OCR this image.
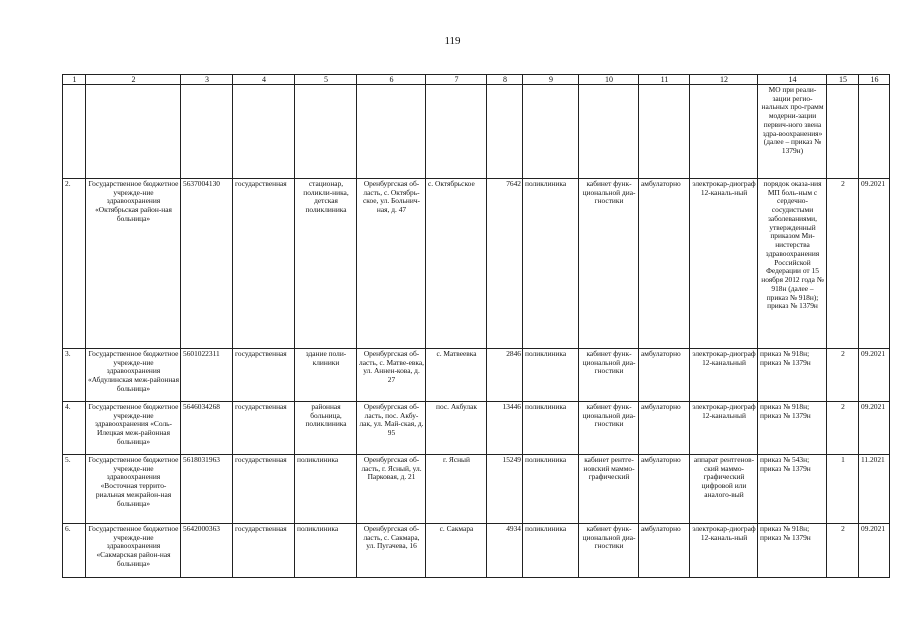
119
1	2	3	4	5	6	7	8	9	10	11	12	14	15	16
												МО при реали-зации регио-нальных про-грамм модерни-зации первич-ного звена здра-воохранения» (далее – приказ № 1379н)		
2.	Государственное бюджетное учрежде-ние здравоохранения «Октябрьская район-ная больница»	5637004130	государственная	стационар, поликли-ника, детская поликлиника	Оренбургская об-ласть, с. Октябрь-ское, ул. Больнич-ная, д. 47	с. Октябрьское	7642	поликлиника	кабинет функ-циональной диа-гностики	амбулаторно	электрокар-диограф 12-каналь-ный	порядок оказа-ния МП боль-ным с сердечно-сосудистыми заболеваниями, утвержденный приказом Ми-нистерства здравоохранения Российской Федерации от 15 ноября 2012 года № 918н (далее – приказ № 918н); приказ № 1379н	2	09.2021
3.	Государственное бюджетное учрежде-ние здравоохранения «Абдулинская меж-районная больница»	5601022311	государственная	здание поли-клиники	Оренбургская об-ласть, с. Матве-евка, ул. Аннен-кова, д. 27	с. Матвеевка	2846	поликлиника	кабинет функ-циональной диа-гностики	амбулаторно	электрокар-диограф 12-канальный	приказ № 918н; приказ № 1379н	2	09.2021
4.	Государственное бюджетное учрежде-ние здравоохранения «Соль-Илецкая меж-районная больница»	5646034268	государственная	районная больница, поликлиника	Оренбургская об-ласть, пос. Акбу-лак, ул. Май-ская, д. 95	пос. Акбулак	13446	поликлиника	кабинет функ-циональной диа-гностики	амбулаторно	электрокар-диограф 12-канальный	приказ № 918н; приказ № 1379н	2	09.2021
5.	Государственное бюджетное учрежде-ние здравоохранения «Восточная террито-риальная межрайон-ная больница»	5618031963	государственная	поликлиника	Оренбургская об-ласть, г. Ясный, ул. Парковая, д. 21	г. Ясный	15249	поликлиника	кабинет рентге-новский маммо-графический	амбулаторно	аппарат рентгенов-ский маммо-графический цифровой или аналого-вый	приказ № 543н; приказ № 1379н	1	11.2021
6.	Государственное бюджетное учрежде-ние здравоохранения «Сакмарская район-ная больница»	5642000363	государственная	поликлиника	Оренбургская об-ласть, с. Сакмара, ул. Пугачева, 16	с. Сакмара	4934	поликлиника	кабинет функ-циональной диа-гностики	амбулаторно	электрокар-диограф 12-каналь-ный	приказ № 918н; приказ № 1379н	2	09.2021
